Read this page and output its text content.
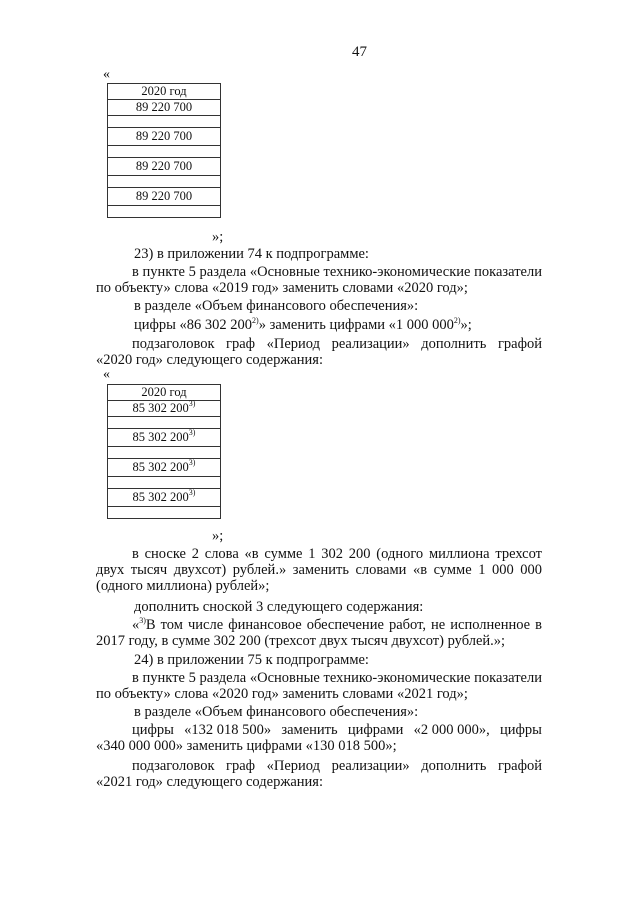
47
«
2020 год
89 220 700

89 220 700

89 220 700

89 220 700

»;
23) в приложении 74 к подпрограмме:
в пункте 5 раздела «Основные технико-экономические показатели по объекту» слова «2019 год» заменить словами «2020 год»;
в разделе «Объем финансового обеспечения»:
цифры «86 302 200$^{2)}$» заменить цифрами «1 000 000$^{2)}$»;
подзаголовок граф «Период реализации» дополнить графой «2020 год» следующего содержания:
«
2020 год
85 302 200$^{3)}$

85 302 200$^{3)}$

85 302 200$^{3)}$

85 302 200$^{3)}$

»;
в сноске 2 слова «в сумме 1 302 200 (одного миллиона трехсот двух тысяч двухсот) рублей.» заменить словами «в сумме 1 000 000 (одного миллиона) рублей»;
дополнить сноской 3 следующего содержания:
«$^{3)}$В том числе финансовое обеспечение работ, не исполненное в 2017 году, в сумме 302 200 (трехсот двух тысяч двухсот) рублей.»;
24) в приложении 75 к подпрограмме:
в пункте 5 раздела «Основные технико-экономические показатели по объекту» слова «2020 год» заменить словами «2021 год»;
в разделе «Объем финансового обеспечения»:
цифры «132 018 500» заменить цифрами «2 000 000», цифры
«340 000 000» заменить цифрами «130 018 500»;
подзаголовок граф «Период реализации» дополнить графой «2021 год» следующего содержания:
